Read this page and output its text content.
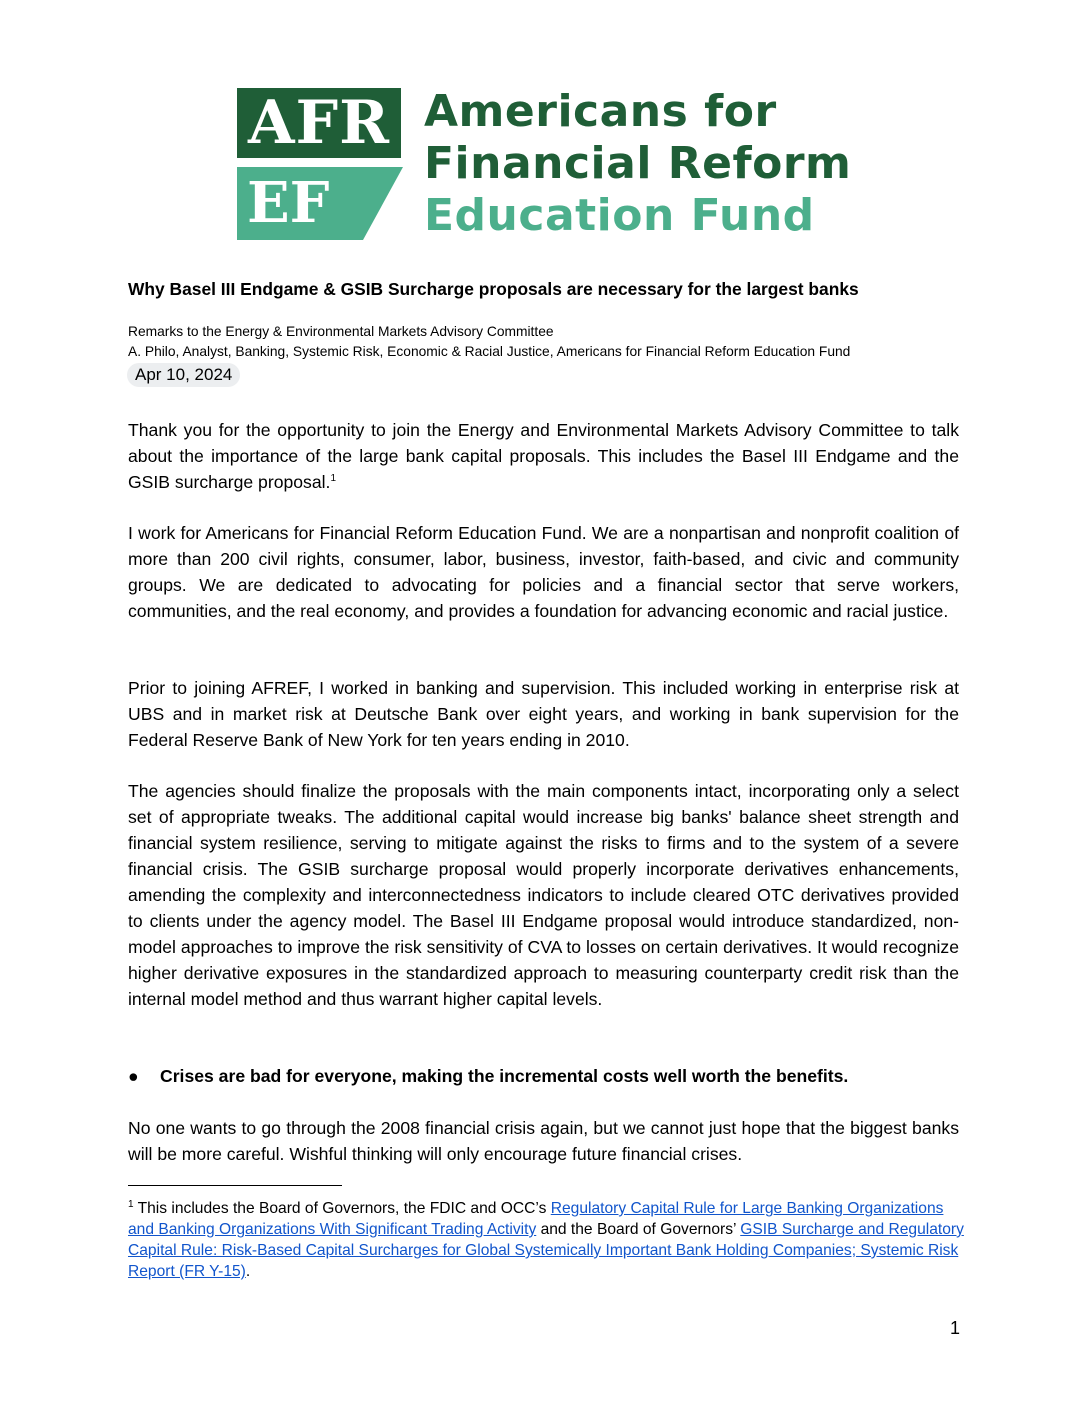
AFR
EF
Americans for
Financial Reform
Education Fund
Why Basel III Endgame & GSIB Surcharge proposals are necessary for the largest banks
Remarks to the Energy & Environmental Markets Advisory Committee
A. Philo, Analyst, Banking, Systemic Risk, Economic & Racial Justice, Americans for Financial Reform Education Fund
Apr 10, 2024
Thank you for the opportunity to join the Energy and Environmental Markets Advisory Committee to talk about the importance of the large bank capital proposals. This includes the Basel III Endgame and the GSIB surcharge proposal.$^1$
I work for Americans for Financial Reform Education Fund. We are a nonpartisan and nonprofit coalition of more than 200 civil rights, consumer, labor, business, investor, faith-based, and civic and community groups. We are dedicated to advocating for policies and a financial sector that serve workers, communities, and the real economy, and provides a foundation for advancing economic and racial justice.
Prior to joining AFREF, I worked in banking and supervision. This included working in enterprise risk at UBS and in market risk at Deutsche Bank over eight years, and working in bank supervision for the Federal Reserve Bank of New York for ten years ending in 2010.
The agencies should finalize the proposals with the main components intact, incorporating only a select set of appropriate tweaks. The additional capital would increase big banks' balance sheet strength and financial system resilience, serving to mitigate against the risks to firms and to the system of a severe financial crisis. The GSIB surcharge proposal would properly incorporate derivatives enhancements, amending the complexity and interconnectedness indicators to include cleared OTC derivatives provided to clients under the agency model. The Basel III Endgame proposal would introduce standardized, non-model approaches to improve the risk sensitivity of CVA to losses on certain derivatives. It would recognize higher derivative exposures in the standardized approach to measuring counterparty credit risk than the internal model method and thus warrant higher capital levels.
● Crises are bad for everyone, making the incremental costs well worth the benefits.
No one wants to go through the 2008 financial crisis again, but we cannot just hope that the biggest banks will be more careful. Wishful thinking will only encourage future financial crises.
$^1$ This includes the Board of Governors, the FDIC and OCC’s Regulatory Capital Rule for Large Banking Organizations and Banking Organizations With Significant Trading Activity and the Board of Governors’ GSIB Surcharge and Regulatory Capital Rule: Risk-Based Capital Surcharges for Global Systemically Important Bank Holding Companies; Systemic Risk Report (FR Y-15).
1
